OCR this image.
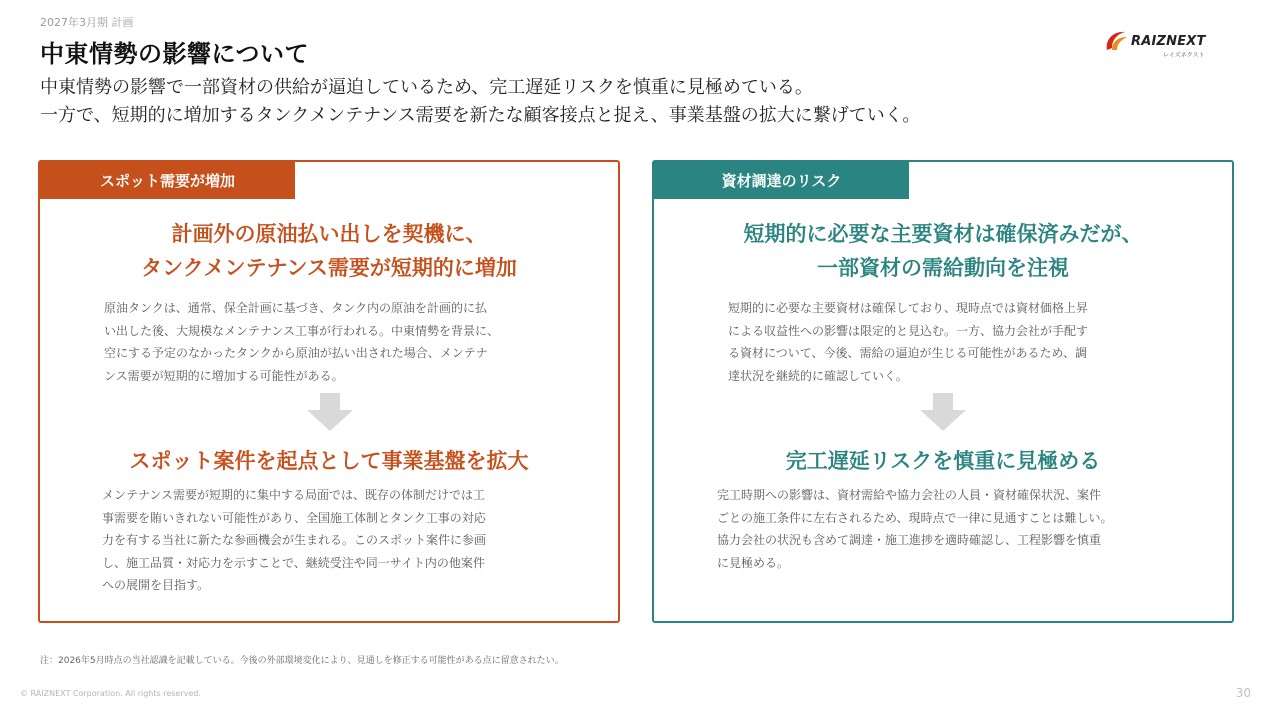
2027年3月期 計画
中東情勢の影響について
中東情勢の影響で一部資材の供給が逼迫しているため、完工遅延リスクを慎重に見極めている。
一方で、短期的に増加するタンクメンテナンス需要を新たな顧客接点と捉え、事業基盤の拡大に繋げていく。
RAIZNEXT
レイズネクスト
スポット需要が増加
計画外の原油払い出しを契機に、
タンクメンテナンス需要が短期的に増加
原油タンクは、通常、保全計画に基づき、タンク内の原油を計画的に払
い出した後、大規模なメンテナンス工事が行われる。中東情勢を背景に、
空にする予定のなかったタンクから原油が払い出された場合、メンテナ
ンス需要が短期的に増加する可能性がある。
スポット案件を起点として事業基盤を拡大
メンテナンス需要が短期的に集中する局面では、既存の体制だけでは工
事需要を賄いきれない可能性があり、全国施工体制とタンク工事の対応
力を有する当社に新たな参画機会が生まれる。このスポット案件に参画
し、施工品質・対応力を示すことで、継続受注や同一サイト内の他案件
への展開を目指す。
資材調達のリスク
短期的に必要な主要資材は確保済みだが、
一部資材の需給動向を注視
短期的に必要な主要資材は確保しており、現時点では資材価格上昇
による収益性への影響は限定的と見込む。一方、協力会社が手配す
る資材について、今後、需給の逼迫が生じる可能性があるため、調
達状況を継続的に確認していく。
完工遅延リスクを慎重に見極める
完工時期への影響は、資材需給や協力会社の人員・資材確保状況、案件
ごとの施工条件に左右されるため、現時点で一律に見通すことは難しい。
協力会社の状況も含めて調達・施工進捗を適時確認し、工程影響を慎重
に見極める。
注：2026年5月時点の当社認識を記載している。今後の外部環境変化により、見通しを修正する可能性がある点に留意されたい。
© RAIZNEXT Corporation. All rights reserved.	30
